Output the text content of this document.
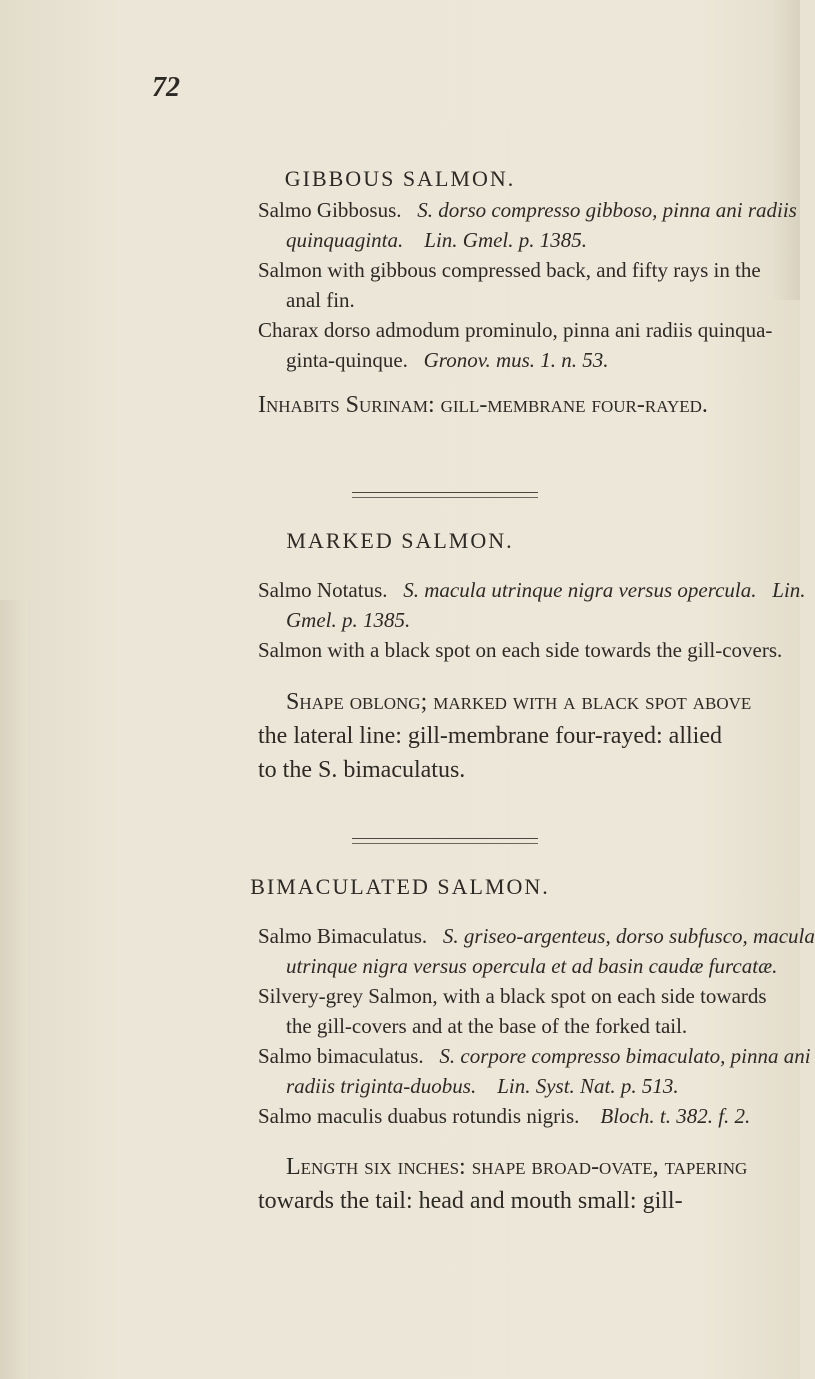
72
GIBBOUS SALMON.
Salmo Gibbosus. S. dorso compresso gibboso, pinna ani radiis
quinquaginta. Lin. Gmel. p. 1385.
Salmon with gibbous compressed back, and fifty rays in the
anal fin.
Charax dorso admodum prominulo, pinna ani radiis quinqua-
ginta-quinque. Gronov. mus. 1. n. 53.
Inhabits Surinam: gill-membrane four-rayed.
MARKED SALMON.
Salmo Notatus. S. macula utrinque nigra versus opercula. Lin.
Gmel. p. 1385.
Salmon with a black spot on each side towards the gill-covers.
Shape oblong; marked with a black spot above
the lateral line: gill-membrane four-rayed: allied
to the S. bimaculatus.
BIMACULATED SALMON.
Salmo Bimaculatus. S. griseo-argenteus, dorso subfusco, macula
utrinque nigra versus opercula et ad basin caudæ furcatæ.
Silvery-grey Salmon, with a black spot on each side towards
the gill-covers and at the base of the forked tail.
Salmo bimaculatus. S. corpore compresso bimaculato, pinna ani
radiis triginta-duobus. Lin. Syst. Nat. p. 513.
Salmo maculis duabus rotundis nigris. Bloch. t. 382. f. 2.
Length six inches: shape broad-ovate, tapering
towards the tail: head and mouth small: gill-
